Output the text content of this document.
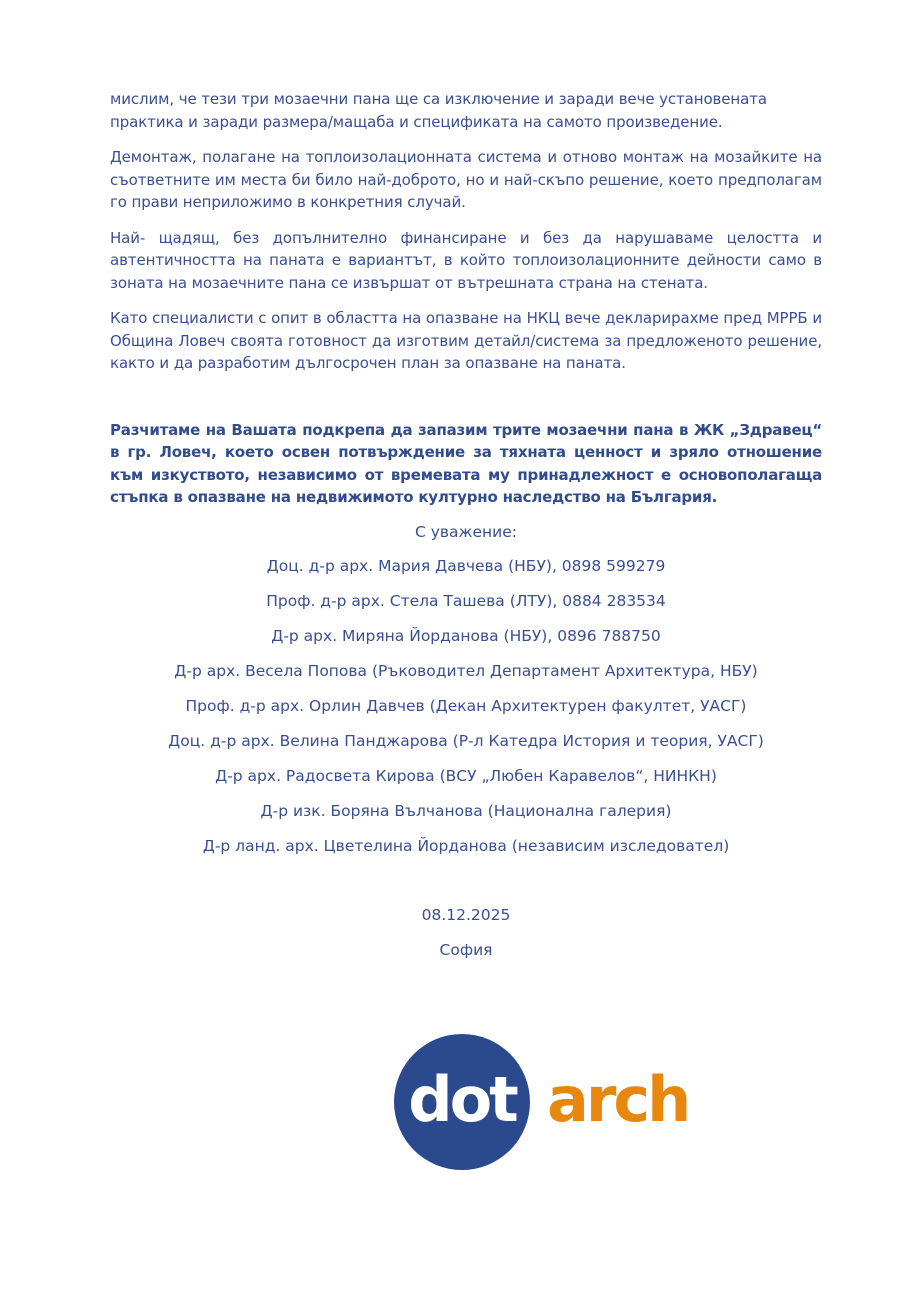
мислим, че тези три мозаечни пана ще са изключение и заради вече установената практика и заради размера/мащаба и спецификата на самото произведение.

Демонтаж, полагане на топлоизолационната система и отново монтаж на мозайките на съответните им места би било най-доброто, но и най-скъпо решение, което предполагам го прави неприложимо в конкретния случай.

Най- щадящ, без допълнително финансиране и без да нарушаваме целостта и автентичността на паната е вариантът, в който топлоизолационните дейности само в зоната на мозаечните пана се извършат от вътрешната страна на стената.

Като специалисти с опит в областта на опазване на НКЦ вече декларирахме пред МРРБ и Община Ловеч своята готовност да изготвим детайл/система за предложеното решение, както и да разработим дългосрочен план за опазване на паната.

Разчитаме на Вашата подкрепа да запазим трите мозаечни пана в ЖК „Здравец“ в гр. Ловеч, което освен потвърждение за тяхната ценност и зряло отношение към изкуството, независимо от времевата му принадлежност е основополагаща стъпка в опазване на недвижимото културно наследство на България.

С уважение:
Доц. д-р арх. Мария Давчева (НБУ), 0898 599279
Проф. д-р арх. Стела Ташева (ЛТУ), 0884 283534
Д-р арх. Миряна Йорданова (НБУ), 0896 788750
Д-р арх. Весела Попова (Ръководител Департамент Архитектура, НБУ)
Проф. д-р арх. Орлин Давчев (Декан Архитектурен факултет, УАСГ)
Доц. д-р арх. Велина Панджарова (Р-л Катедра История и теория, УАСГ)
Д-р арх. Радосвета Кирова (ВСУ „Любен Каравелов“, НИНКН)
Д-р изк. Боряна Вълчанова (Национална галерия)
Д-р ланд. арх. Цветелина Йорданова (независим изследовател)
08.12.2025
София
dot arch
